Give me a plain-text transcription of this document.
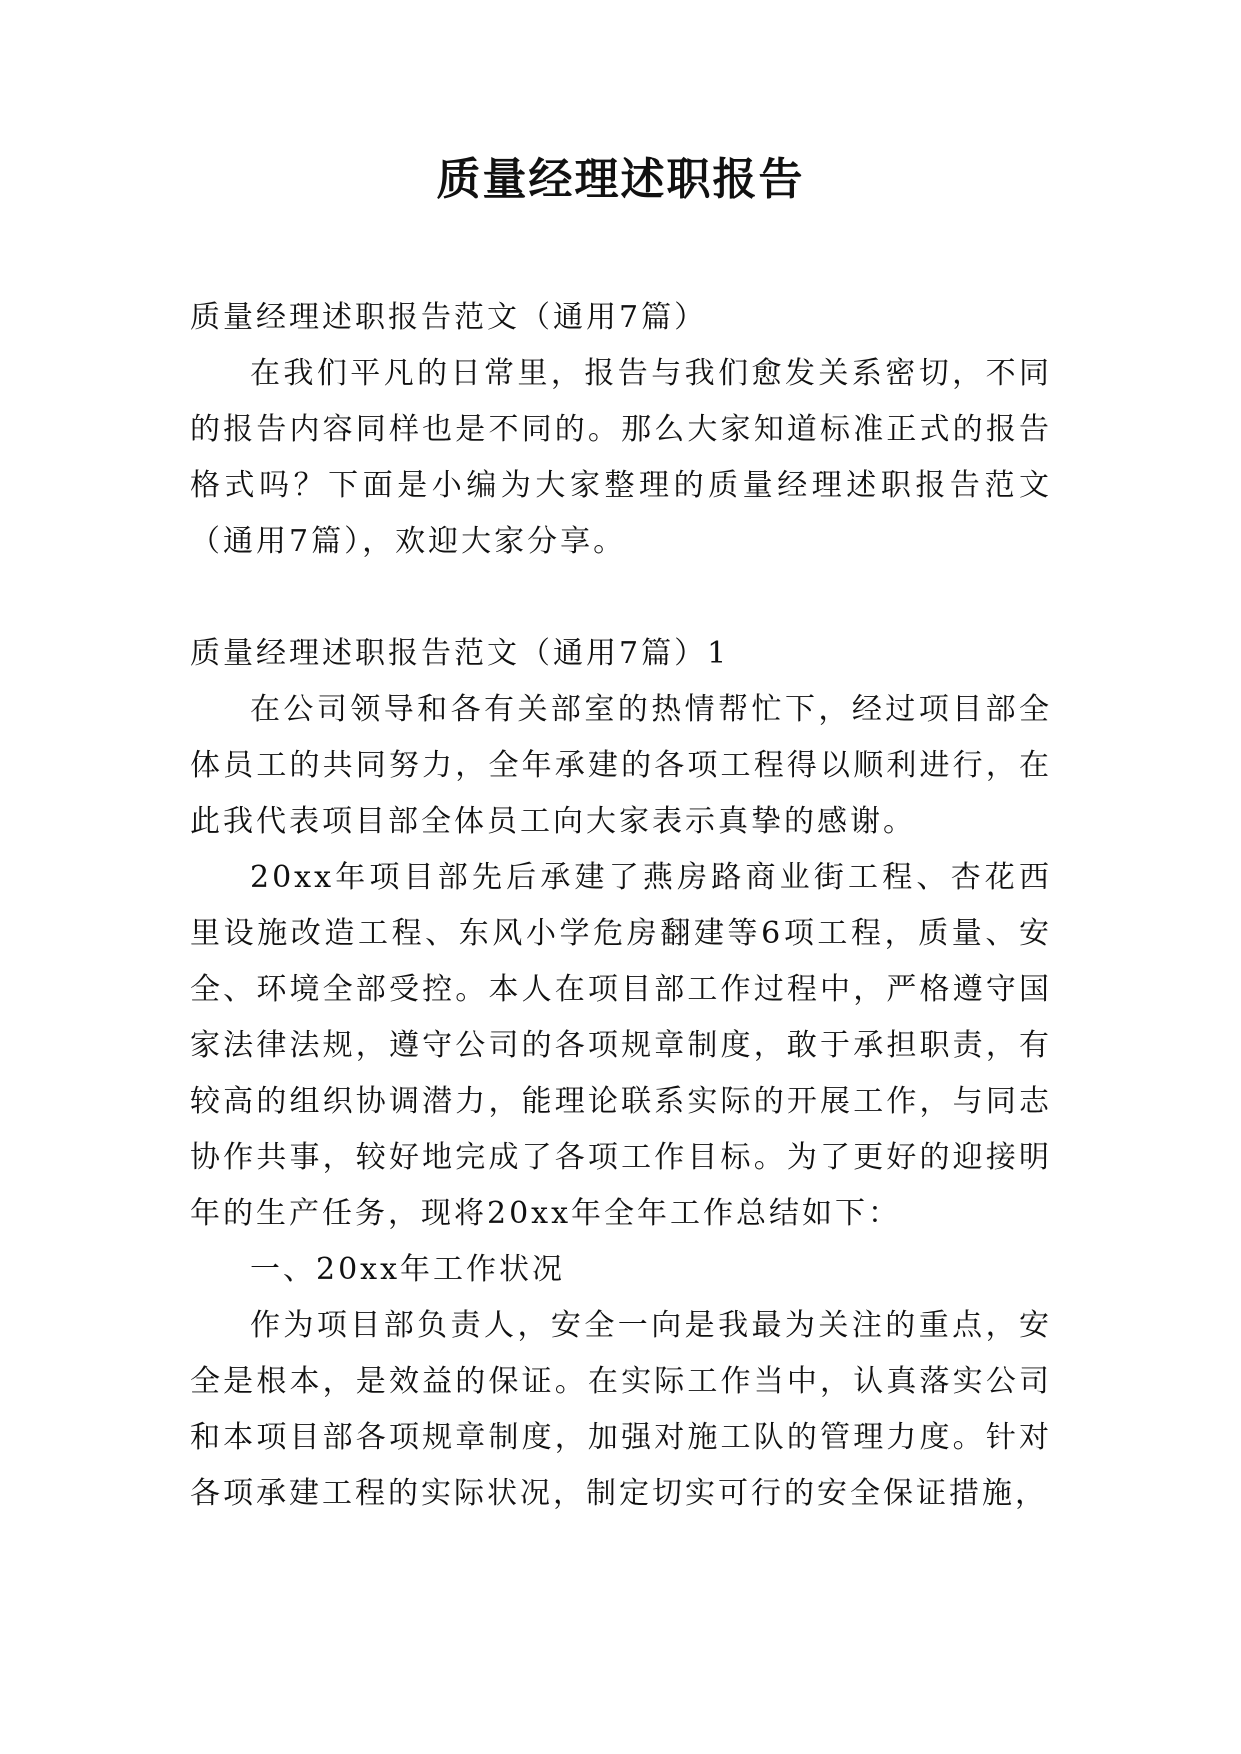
质量经理述职报告

质量经理述职报告范文（通用7篇）

在我们平凡的日常里，报告与我们愈发关系密切，不同的报告内容同样也是不同的。那么大家知道标准正式的报告格式吗？下面是小编为大家整理的质量经理述职报告范文（通用7篇），欢迎大家分享。

质量经理述职报告范文（通用7篇）1

在公司领导和各有关部室的热情帮忙下，经过项目部全体员工的共同努力，全年承建的各项工程得以顺利进行，在此我代表项目部全体员工向大家表示真挚的感谢。

20xx年项目部先后承建了燕房路商业街工程、杏花西里设施改造工程、东风小学危房翻建等6项工程，质量、安全、环境全部受控。本人在项目部工作过程中，严格遵守国家法律法规，遵守公司的各项规章制度，敢于承担职责，有较高的组织协调潜力，能理论联系实际的开展工作，与同志协作共事，较好地完成了各项工作目标。为了更好的迎接明年的生产任务，现将20xx年全年工作总结如下：

一、20xx年工作状况

作为项目部负责人，安全一向是我最为关注的重点，安全是根本，是效益的保证。在实际工作当中，认真落实公司和本项目部各项规章制度，加强对施工队的管理力度。针对各项承建工程的实际状况，制定切实可行的安全保证措施，
